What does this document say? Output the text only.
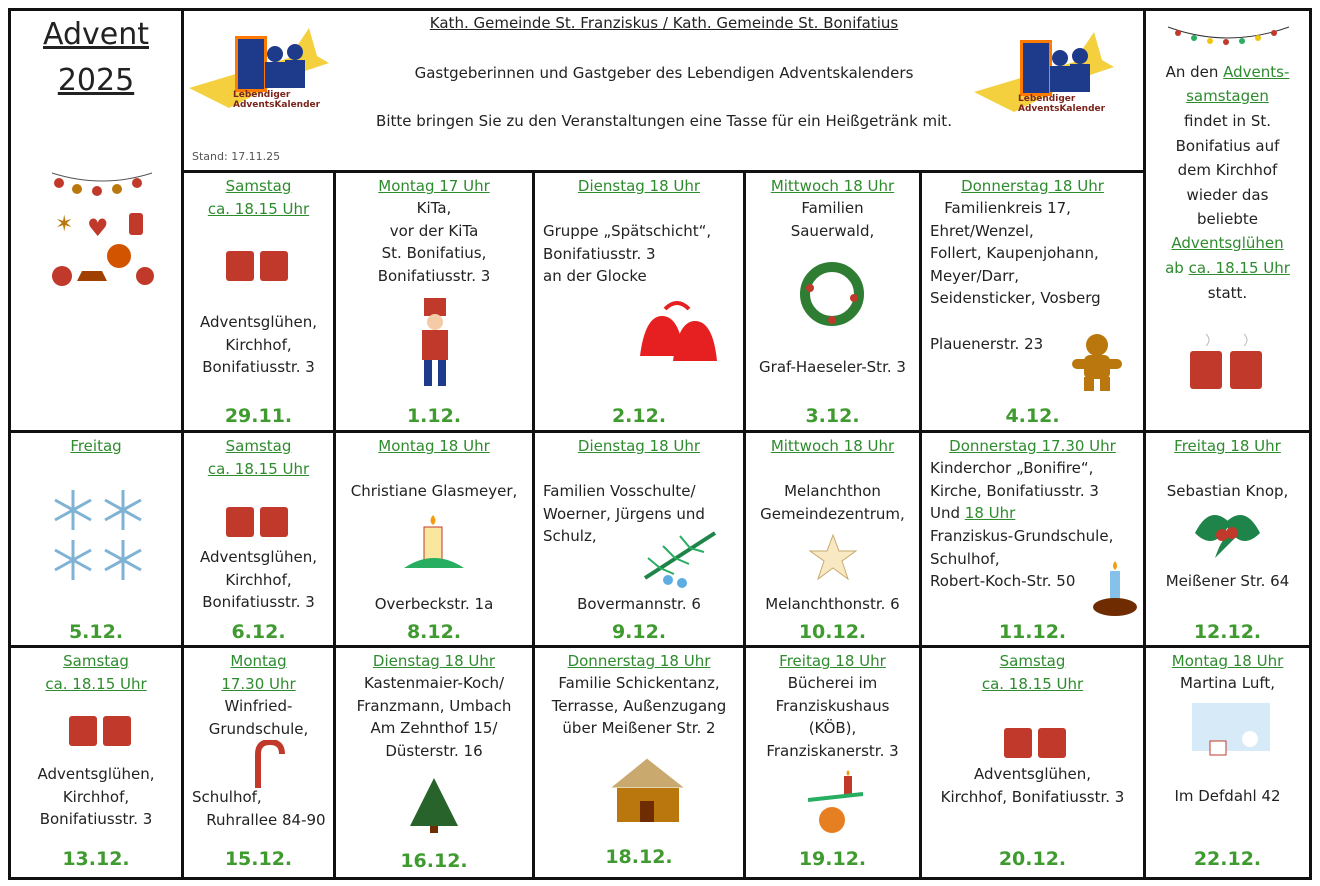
Advent
2025
✶ ♥
Kath. Gemeinde St. Franziskus / Kath. Gemeinde St. Bonifatius
Gastgeberinnen und Gastgeber des Lebendigen Adventskalenders
Bitte bringen Sie zu den Veranstaltungen eine Tasse für ein Heißgetränk mit.
Stand: 17.11.25
Lebendiger
AdventsKalender
Lebendiger
AdventsKalender
An den Advents-
samstagen
findet in St.
Bonifatius auf
dem Kirchhof
wieder das
beliebte
Adventsglühen
ab ca. 18.15 Uhr
statt.
Samstag
ca. 18.15 Uhr
Adventsglühen,
Kirchhof,
Bonifatiusstr. 3
29.11.
Montag 17 Uhr
KiTa,
vor der KiTa
St. Bonifatius,
Bonifatiusstr. 3
1.12.
Dienstag 18 Uhr
Gruppe „Spätschicht“,
Bonifatiusstr. 3
an der Glocke
2.12.
Mittwoch 18 Uhr
Familien
Sauerwald,
Graf-Haeseler-Str. 3
3.12.
Donnerstag 18 Uhr
Familienkreis 17,
Ehret/Wenzel,
Follert, Kaupenjohann,
Meyer/Darr,
Seidensticker, Vosberg
Plauenerstr. 23
4.12.
Freitag
5.12.
Samstag
ca. 18.15 Uhr
Adventsglühen,
Kirchhof,
Bonifatiusstr. 3
6.12.
Montag 18 Uhr
Christiane Glasmeyer,
Overbeckstr. 1a
8.12.
Dienstag 18 Uhr
Familien Vosschulte/
Woerner, Jürgens und
Schulz,
Bovermannstr. 6
9.12.
Mittwoch 18 Uhr
Melanchthon
Gemeindezentrum,
Melanchthonstr. 6
10.12.
Donnerstag 17.30 Uhr
Kinderchor „Bonifire“,
Kirche, Bonifatiusstr. 3
Und 18 Uhr
Franziskus-Grundschule,
Schulhof,
Robert-Koch-Str. 50
11.12.
Freitag 18 Uhr
Sebastian Knop,
Meißener Str. 64
12.12.
Samstag
ca. 18.15 Uhr
Adventsglühen,
Kirchhof,
Bonifatiusstr. 3
13.12.
Montag
17.30 Uhr
Winfried-
Grundschule,
Schulhof,
Ruhrallee 84-90
15.12.
Dienstag 18 Uhr
Kastenmaier-Koch/
Franzmann, Umbach
Am Zehnthof 15/
Düsterstr. 16
16.12.
Donnerstag 18 Uhr
Familie Schickentanz,
Terrasse, Außenzugang
über Meißener Str. 2
18.12.
Freitag 18 Uhr
Bücherei im
Franziskushaus
(KÖB),
Franziskanerstr. 3
19.12.
Samstag
ca. 18.15 Uhr
Adventsglühen,
Kirchhof, Bonifatiusstr. 3
20.12.
Montag 18 Uhr
Martina Luft,
Im Defdahl 42
22.12.
